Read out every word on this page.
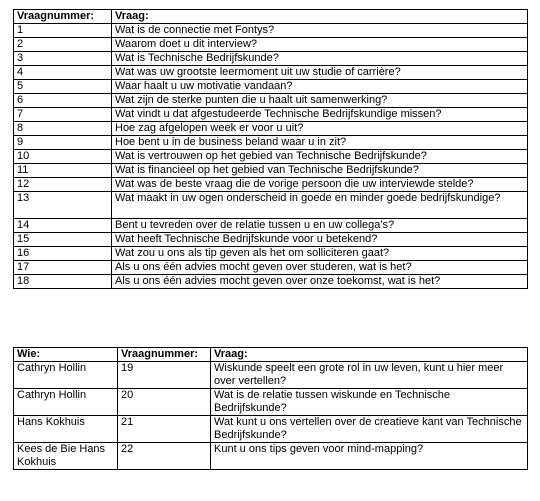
Vraagnummer:	Vraag:
1	Wat is de connectie met Fontys?
2	Waarom doet u dit interview?
3	Wat is Technische Bedrijfskunde?
4	Wat was uw grootste leermoment uit uw studie of carrière?
5	Waar haalt u uw motivatie vandaan?
6	Wat zijn de sterke punten die u haalt uit samenwerking?
7	Wat vindt u dat afgestudeerde Technische Bedrijfskundige missen?
8	Hoe zag afgelopen week er voor u uit?
9	Hoe bent u in de business beland waar u in zit?
10	Wat is vertrouwen op het gebied van Technische Bedrijfskunde?
11	Wat is financieel op het gebied van Technische Bedrijfskunde?
12	Wat was de beste vraag die de vorige persoon die uw interviewde stelde?
13	Wat maakt in uw ogen onderscheid in goede en minder goede bedrijfskundige?
14	Bent u tevreden over de relatie tussen u en uw collega's?
15	Wat heeft Technische Bedrijfskunde voor u betekend?
16	Wat zou u ons als tip geven als het om solliciteren gaat?
17	Als u ons één advies mocht geven over studeren, wat is het?
18	Als u ons één advies mocht geven over onze toekomst, wat is het?
Wie:	Vraagnummer:	Vraag:
Cathryn Hollin	19	Wiskunde speelt een grote rol in uw leven, kunt u hier meer over vertellen?
Cathryn Hollin	20	Wat is de relatie tussen wiskunde en Technische Bedrijfskunde?
Hans Kokhuis	21	Wat kunt u ons vertellen over de creatieve kant van Technische Bedrijfskunde?
Kees de Bie Hans Kokhuis	22	Kunt u ons tips geven voor mind-mapping?
